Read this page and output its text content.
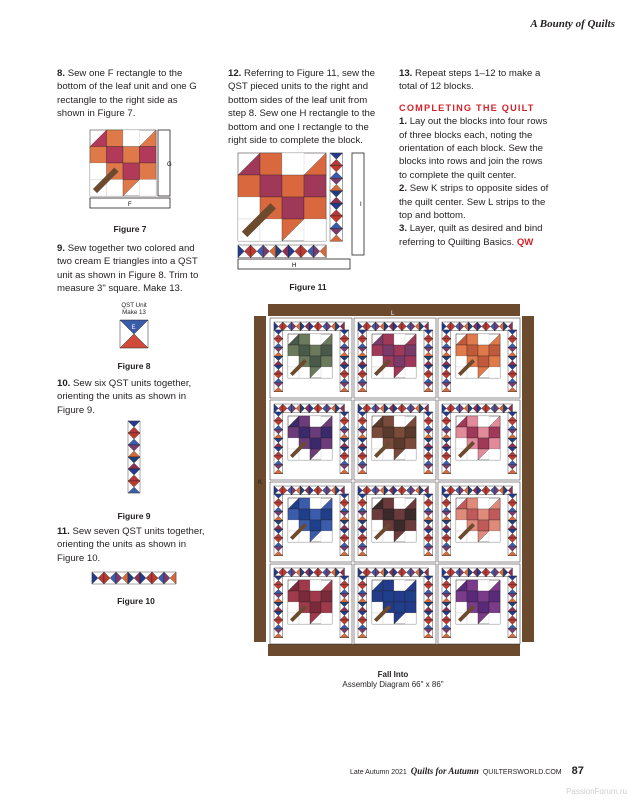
A Bounty of Quilts

8. Sew one F rectangle to the bottom of the leaf unit and one G rectangle to the right side as shown in Figure 7.

G
F
Figure 7

9. Sew together two colored and two cream E triangles into a QST unit as shown in Figure 8. Trim to measure 3" square. Make 13.

QST Unit
Make 13
E
Figure 8

10. Sew six QST units together, orienting the units as shown in Figure 9.

Figure 9

11. Sew seven QST units together, orienting the units as shown in Figure 10.

Figure 10

12. Referring to Figure 11, sew the QST pieced units to the right and bottom sides of the leaf unit from step 8. Sew one H rectangle to the bottom and one I rectangle to the right side to complete the block.

I
H
Figure 11

13. Repeat steps 1–12 to make a total of 12 blocks.

COMPLETING THE QUILT

1. Lay out the blocks into four rows of three blocks each, noting the orientation of each block. Sew the blocks into rows and join the rows to complete the quilt center.

2. Sew K strips to opposite sides of the quilt center. Sew L strips to the top and bottom.

3. Layer, quilt as desired and bind referring to Quilting Basics. QW

L
K
Fall Into
Assembly Diagram 66" x 86"
Late Autumn 2021 Quilts for Autumn QUILTERSWORLD.COM 87
PassionForum.ru
